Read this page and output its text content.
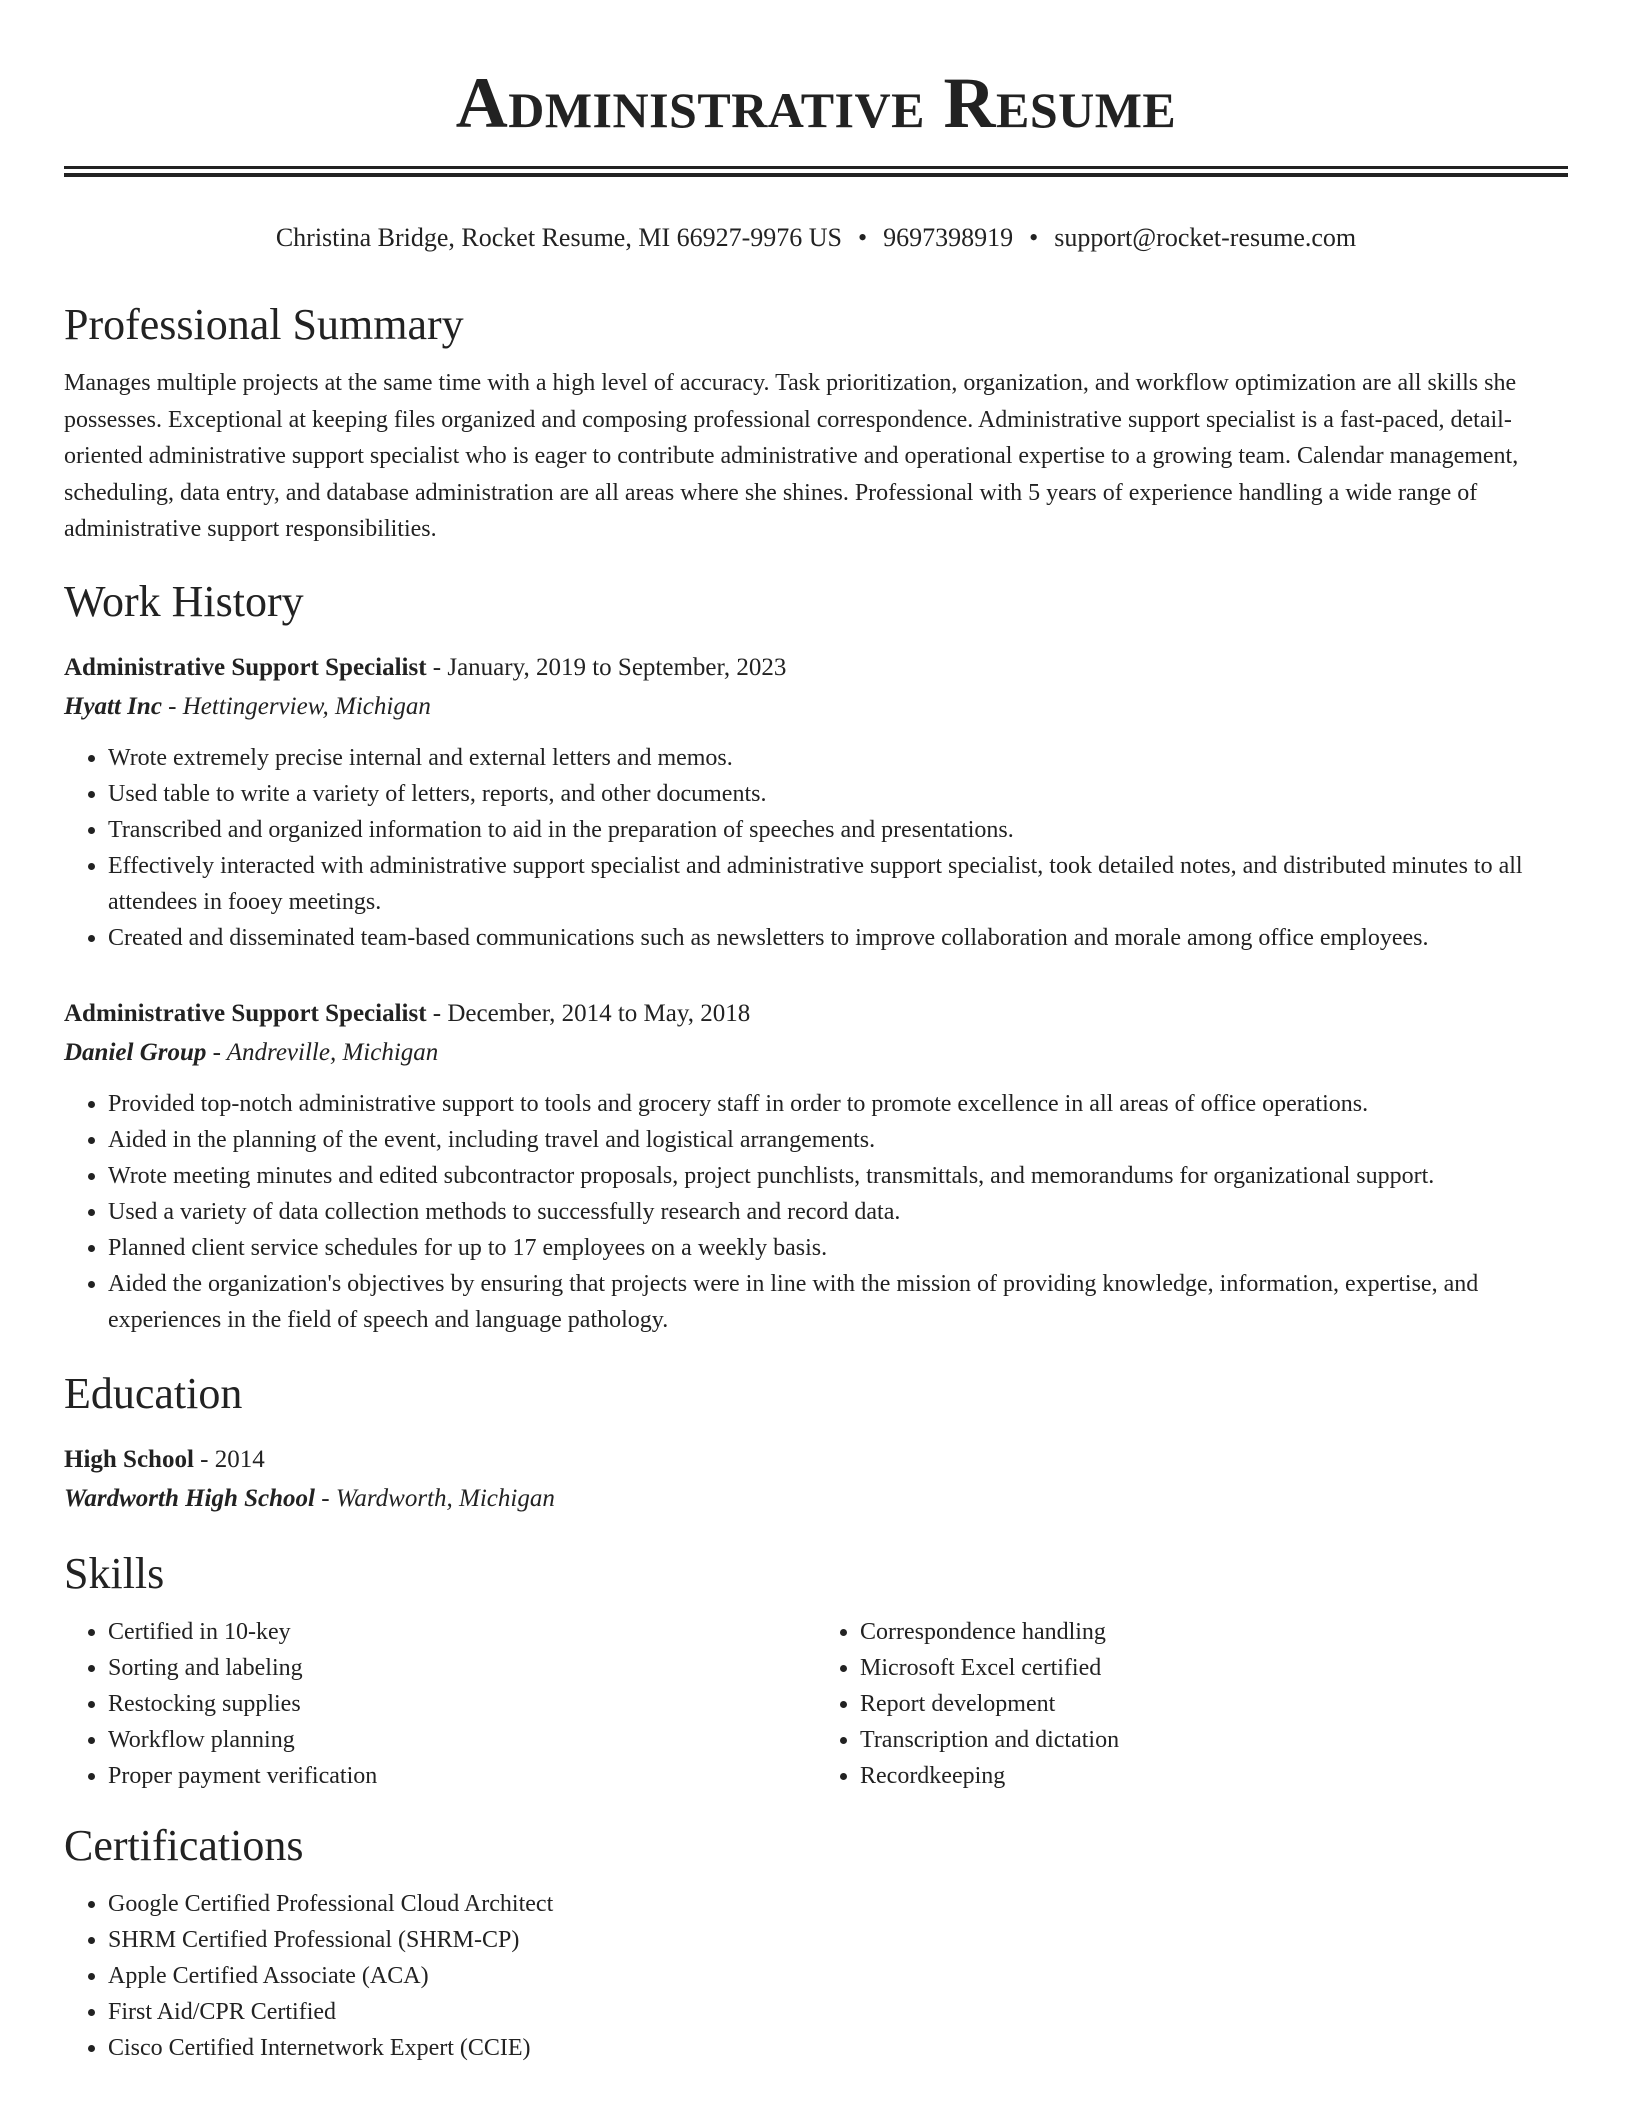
Administrative Resume
Christina Bridge, Rocket Resume, MI 66927-9976 US • 9697398919 • support@rocket-resume.com
Professional Summary

Manages multiple projects at the same time with a high level of accuracy. Task prioritization, organization, and workflow optimization are all skills she possesses. Exceptional at keeping files organized and composing professional correspondence. Administrative support specialist is a fast-paced, detail-oriented administrative support specialist who is eager to contribute administrative and operational expertise to a growing team. Calendar management, scheduling, data entry, and database administration are all areas where she shines. Professional with 5 years of experience handling a wide range of administrative support responsibilities.

Work History
Administrative Support Specialist - January, 2019 to September, 2023
Hyatt Inc - Hettingerview, Michigan
• Wrote extremely precise internal and external letters and memos.
• Used table to write a variety of letters, reports, and other documents.
• Transcribed and organized information to aid in the preparation of speeches and presentations.
• Effectively interacted with administrative support specialist and administrative support specialist, took detailed notes, and distributed minutes to all attendees in fooey meetings.
• Created and disseminated team-based communications such as newsletters to improve collaboration and morale among office employees.
Administrative Support Specialist - December, 2014 to May, 2018
Daniel Group - Andreville, Michigan
• Provided top-notch administrative support to tools and grocery staff in order to promote excellence in all areas of office operations.
• Aided in the planning of the event, including travel and logistical arrangements.
• Wrote meeting minutes and edited subcontractor proposals, project punchlists, transmittals, and memorandums for organizational support.
• Used a variety of data collection methods to successfully research and record data.
• Planned client service schedules for up to 17 employees on a weekly basis.
• Aided the organization's objectives by ensuring that projects were in line with the mission of providing knowledge, information, expertise, and experiences in the field of speech and language pathology.
Education
High School - 2014
Wardworth High School - Wardworth, Michigan
Skills
• Certified in 10-key
• Sorting and labeling
• Restocking supplies
• Workflow planning
• Proper payment verification
• Correspondence handling
• Microsoft Excel certified
• Report development
• Transcription and dictation
• Recordkeeping
Certifications
• Google Certified Professional Cloud Architect
• SHRM Certified Professional (SHRM-CP)
• Apple Certified Associate (ACA)
• First Aid/CPR Certified
• Cisco Certified Internetwork Expert (CCIE)
